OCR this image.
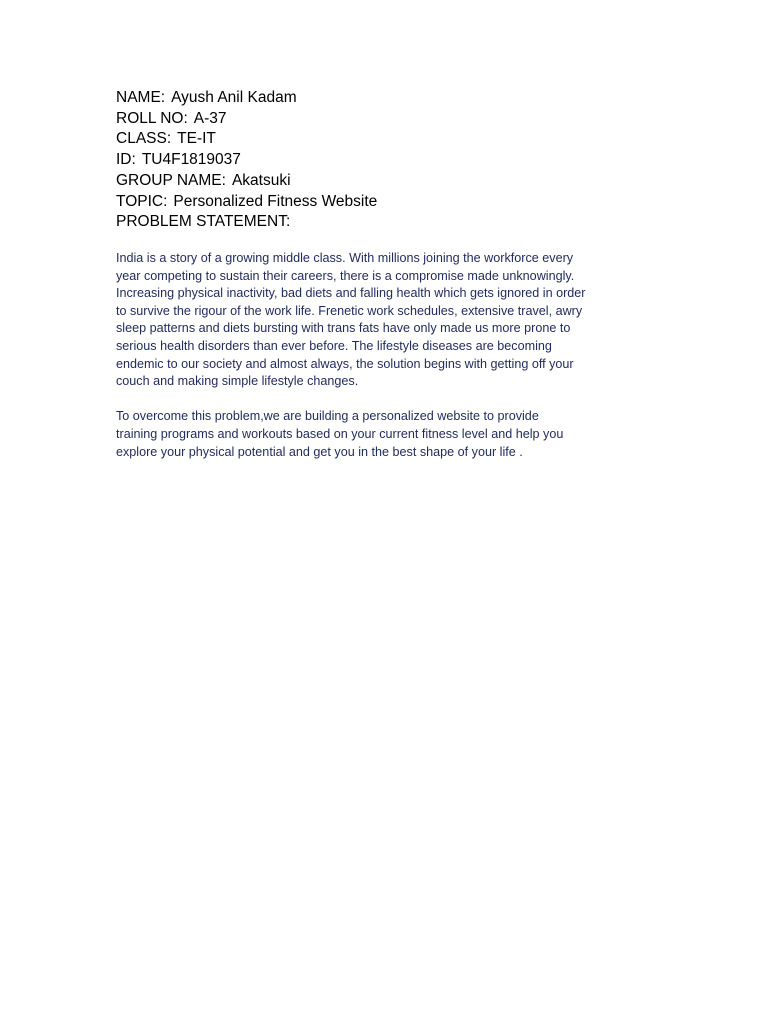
NAME: Ayush Anil Kadam
ROLL NO: A-37
CLASS: TE-IT
ID: TU4F1819037
GROUP NAME: Akatsuki
TOPIC: Personalized Fitness Website
PROBLEM STATEMENT:

India is a story of a growing middle class. With millions joining the workforce every
year competing to sustain their careers, there is a compromise made unknowingly.
Increasing physical inactivity, bad diets and falling health which gets ignored in order
to survive the rigour of the work life. Frenetic work schedules, extensive travel, awry
sleep patterns and diets bursting with trans fats have only made us more prone to
serious health disorders than ever before. The lifestyle diseases are becoming
endemic to our society and almost always, the solution begins with getting off your
couch and making simple lifestyle changes.

To overcome this problem,we are building a personalized website to provide
training programs and workouts based on your current fitness level and help you
explore your physical potential and get you in the best shape of your life .
